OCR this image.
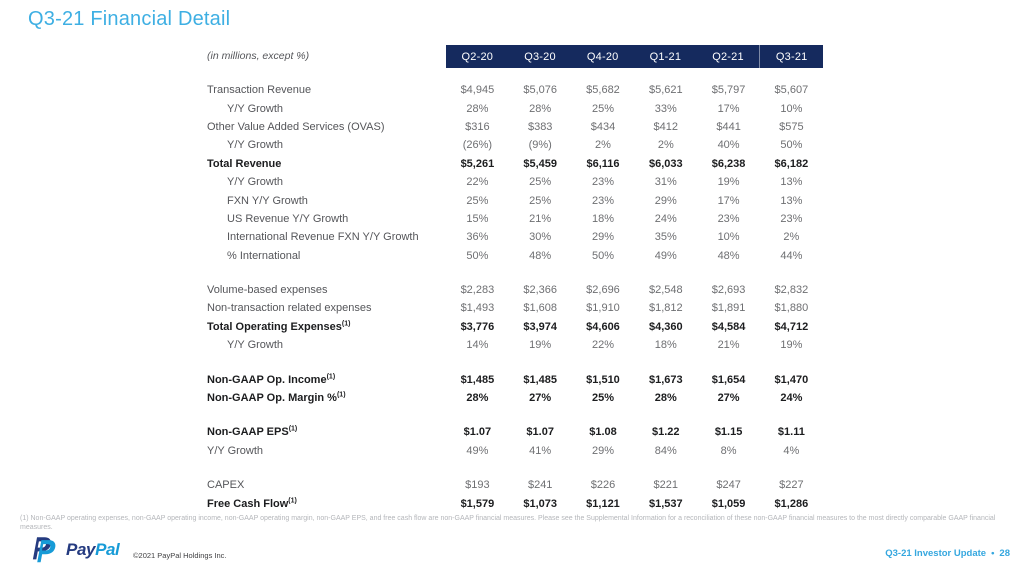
Q3-21 Financial Detail
(in millions, except %)	Q2-20	Q3-20	Q4-20	Q1-21	Q2-21	Q3-21
Transaction Revenue	$4,945	$5,076	$5,682	$5,621	$5,797	$5,607
Y/Y Growth	28%	28%	25%	33%	17%	10%
Other Value Added Services (OVAS)	$316	$383	$434	$412	$441	$575
Y/Y Growth	(26%)	(9%)	2%	2%	40%	50%
Total Revenue	$5,261	$5,459	$6,116	$6,033	$6,238	$6,182
Y/Y Growth	22%	25%	23%	31%	19%	13%
FXN Y/Y Growth	25%	25%	23%	29%	17%	13%
US Revenue Y/Y Growth	15%	21%	18%	24%	23%	23%
International Revenue FXN Y/Y Growth	36%	30%	29%	35%	10%	2%
% International	50%	48%	50%	49%	48%	44%
Volume-based expenses	$2,283	$2,366	$2,696	$2,548	$2,693	$2,832
Non-transaction related expenses	$1,493	$1,608	$1,910	$1,812	$1,891	$1,880
Total Operating Expenses$^{(1)}$	$3,776	$3,974	$4,606	$4,360	$4,584	$4,712
Y/Y Growth	14%	19%	22%	18%	21%	19%
Non-GAAP Op. Income$^{(1)}$	$1,485	$1,485	$1,510	$1,673	$1,654	$1,470
Non-GAAP Op. Margin %$^{(1)}$	28%	27%	25%	28%	27%	24%
Non-GAAP EPS$^{(1)}$	$1.07	$1.07	$1.08	$1.22	$1.15	$1.11
Y/Y Growth	49%	41%	29%	84%	8%	4%
CAPEX	$193	$241	$226	$221	$247	$227
Free Cash Flow$^{(1)}$	$1,579	$1,073	$1,121	$1,537	$1,059	$1,286
(1) Non-GAAP operating expenses, non-GAAP operating income, non-GAAP operating margin, non-GAAP EPS, and free cash flow are non-GAAP financial measures. Please see the Supplemental Information for a reconciliation of these non-GAAP financial measures to the most directly comparable GAAP financial measures.
PayPal ©2021 PayPal Holdings Inc.	Q3-21 Investor Update • 28
